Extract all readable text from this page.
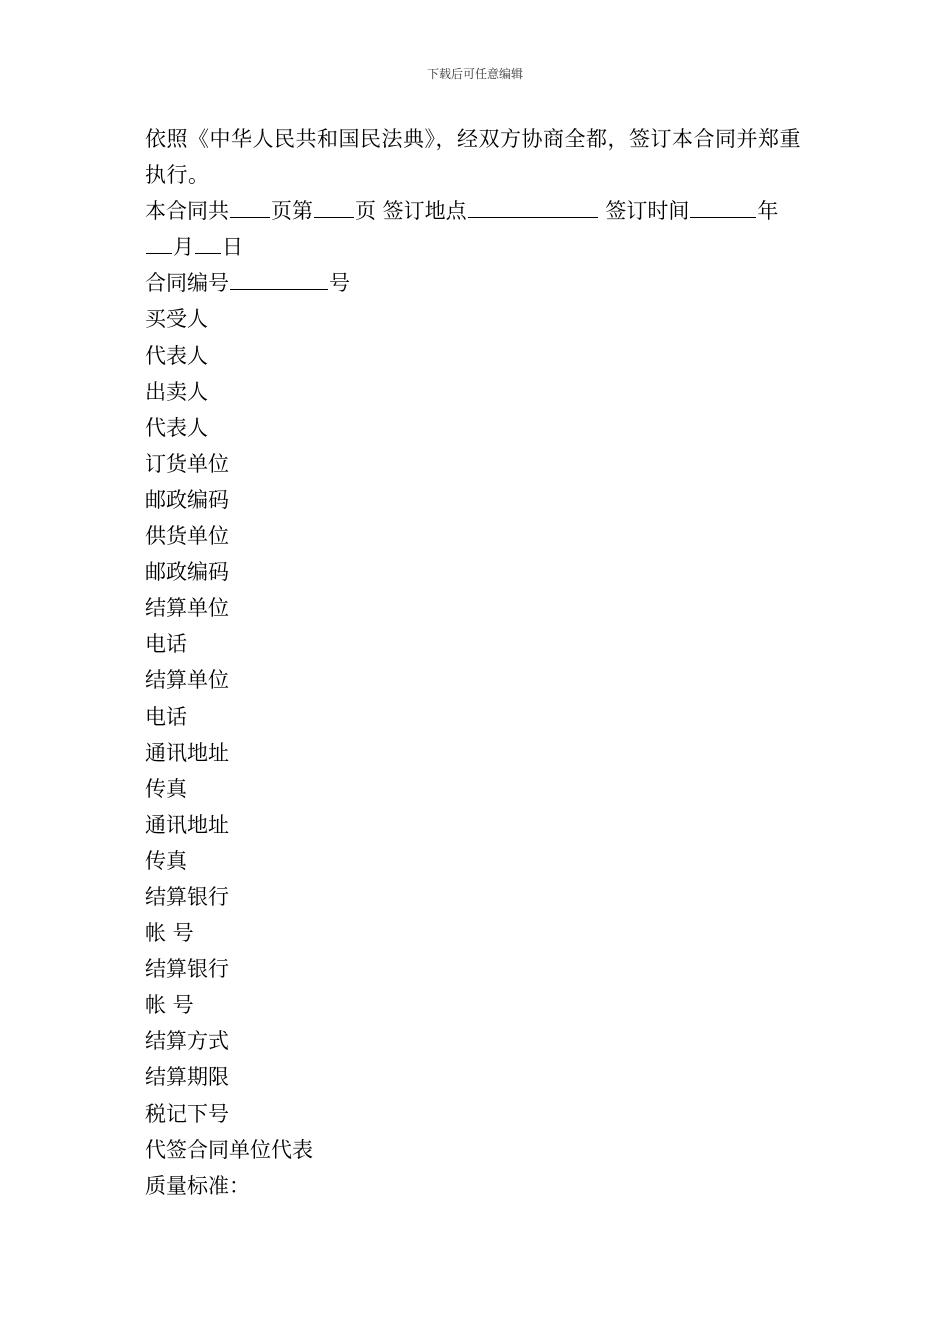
下载后可任意编辑

依照《中华人民共和国民法典》，经双方协商全都，签订本合同并郑重执行。

本合同共 页第 页 签订地点	签订时间	年
月 日

合同编号	号

买受人

代表人

出卖人

代表人

订货单位

邮政编码

供货单位

邮政编码

结算单位

电话

结算单位

电话

通讯地址

传真

通讯地址

传真

结算银行

帐 号

结算银行

帐 号

结算方式

结算期限

税记下号

代签合同单位代表

质量标准：
